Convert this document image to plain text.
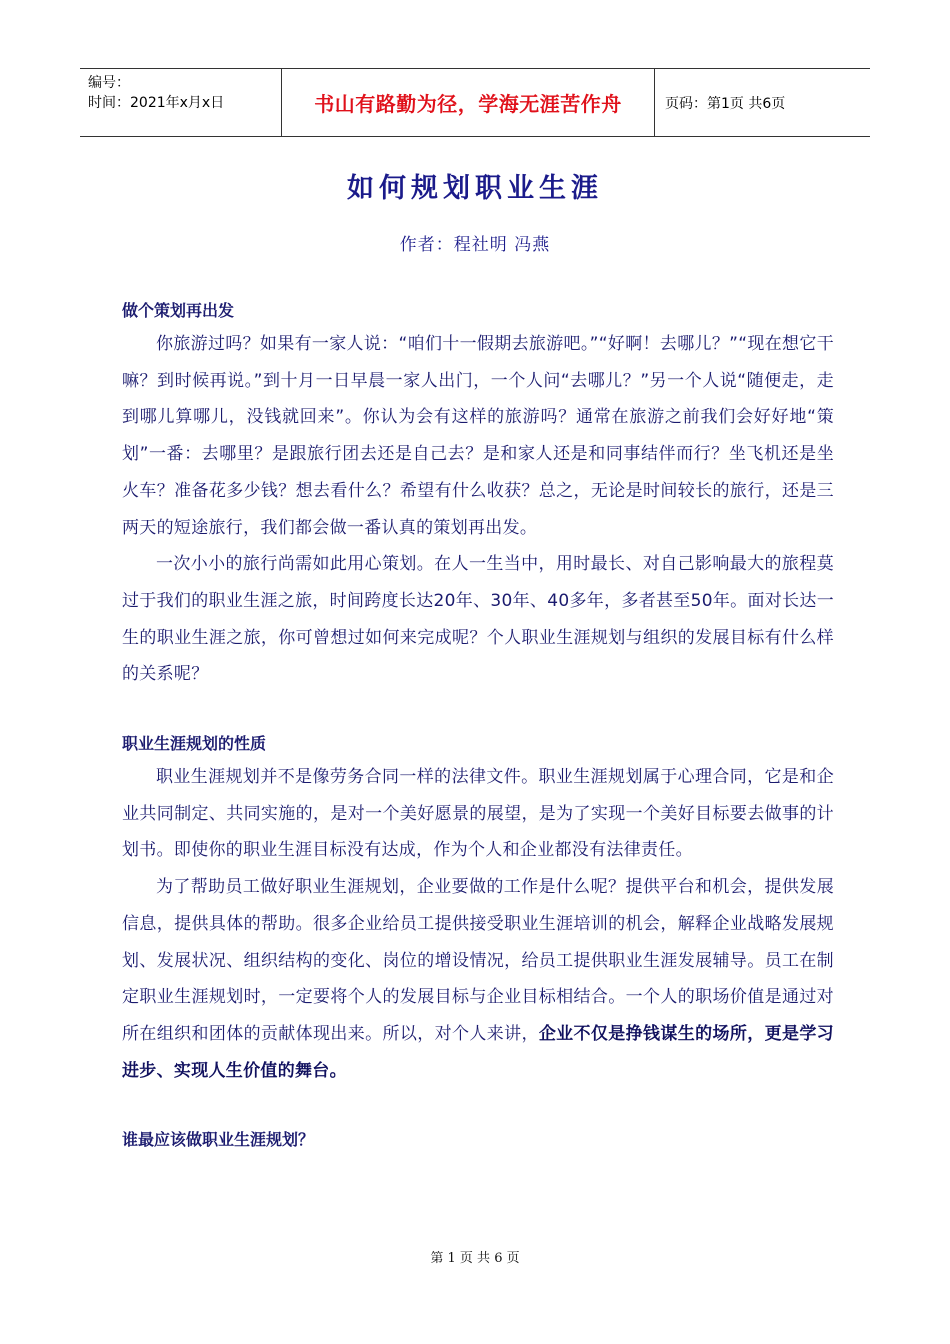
编号：
时间：2021年x月x日	书山有路勤为径，学海无涯苦作舟	页码：第1页 共6页
如何规划职业生涯
作者：程社明 冯燕
做个策划再出发

你旅游过吗？如果有一家人说：“咱们十一假期去旅游吧。”“好啊！去哪儿？”“现在想它干嘛？到时候再说。”到十月一日早晨一家人出门，一个人问“去哪儿？”另一个人说“随便走，走到哪儿算哪儿，没钱就回来”。你认为会有这样的旅游吗？通常在旅游之前我们会好好地“策划”一番：去哪里？是跟旅行团去还是自己去？是和家人还是和同事结伴而行？坐飞机还是坐火车？准备花多少钱？想去看什么？希望有什么收获？总之，无论是时间较长的旅行，还是三两天的短途旅行，我们都会做一番认真的策划再出发。

一次小小的旅行尚需如此用心策划。在人一生当中，用时最长、对自己影响最大的旅程莫过于我们的职业生涯之旅，时间跨度长达20年、30年、40多年，多者甚至50年。面对长达一生的职业生涯之旅，你可曾想过如何来完成呢？个人职业生涯规划与组织的发展目标有什么样的关系呢？

职业生涯规划的性质

职业生涯规划并不是像劳务合同一样的法律文件。职业生涯规划属于心理合同，它是和企业共同制定、共同实施的，是对一个美好愿景的展望，是为了实现一个美好目标要去做事的计划书。即使你的职业生涯目标没有达成，作为个人和企业都没有法律责任。

为了帮助员工做好职业生涯规划，企业要做的工作是什么呢？提供平台和机会，提供发展信息，提供具体的帮助。很多企业给员工提供接受职业生涯培训的机会，解释企业战略发展规划、发展状况、组织结构的变化、岗位的增设情况，给员工提供职业生涯发展辅导。员工在制定职业生涯规划时，一定要将个人的发展目标与企业目标相结合。一个人的职场价值是通过对所在组织和团体的贡献体现出来。所以，对个人来讲，企业不仅是挣钱谋生的场所，更是学习进步、实现人生价值的舞台。

谁最应该做职业生涯规划？
第 1 页 共 6 页
